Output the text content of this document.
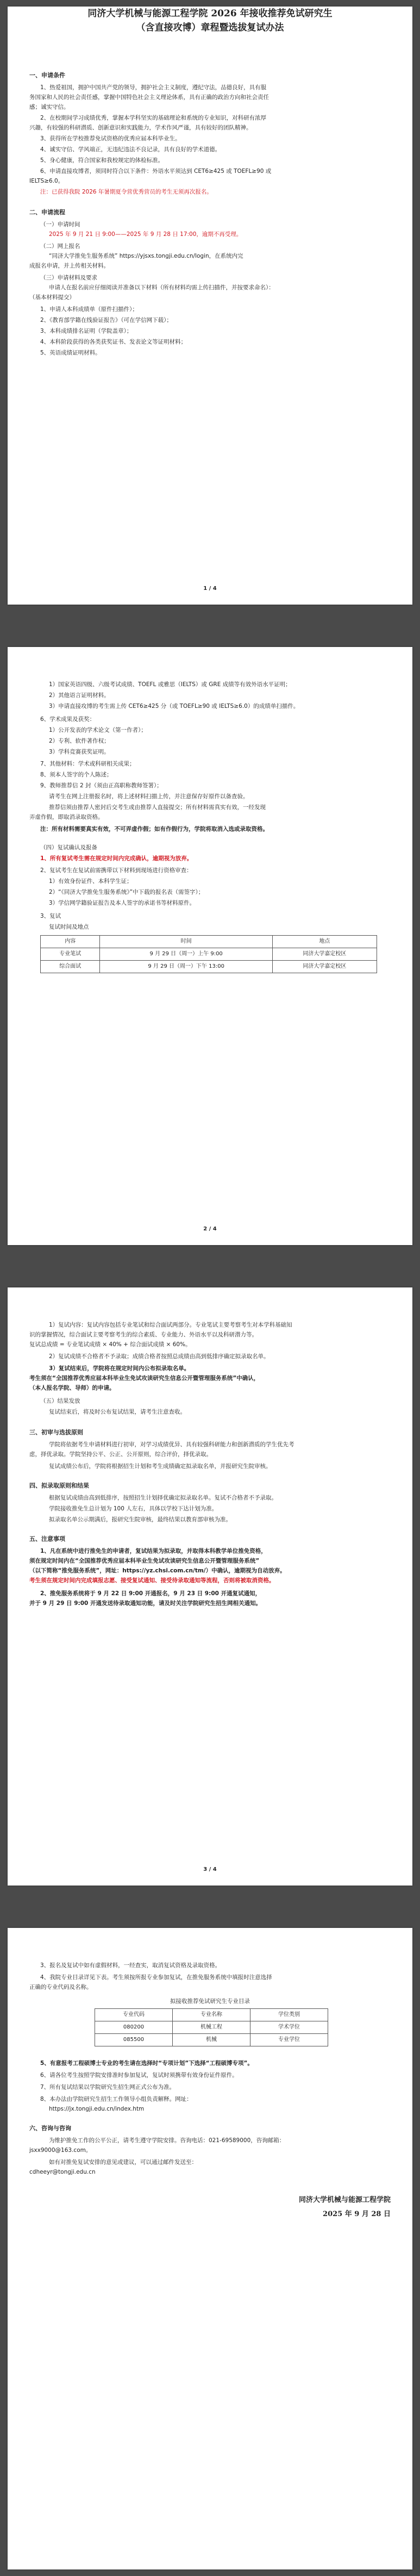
同济大学机械与能源工程学院 2026 年接收推荐免试研究生
（含直接攻博）章程暨选拔复试办法
一、申请条件
1、热爱祖国，拥护中国共产党的领导，拥护社会主义制度，遵纪守法，品德良好，具有服
务国家和人民的社会责任感，掌握中国特色社会主义理论体系，具有正确的政治方向和社会责任
感；诚实守信。
2、在校期间学习成绩优秀，掌握本学科坚实的基础理论和系统的专业知识，对科研有浓厚
兴趣，有较强的科研潜质、创新意识和实践能力，学术作风严谨，具有较好的团队精神。
3、获得所在学校推荐免试资格的优秀应届本科毕业生。
4、诚实守信、学风端正，无违纪违法不良记录，具有良好的学术道德。
5、身心健康，符合国家和我校规定的体检标准。
6、申请直接攻博者，须同时符合以下条件：外语水平须达到 CET6≥425 或 TOEFL≥90 或
IELTS≥6.0。
注：已获得我院 2026 年暑期夏令营优秀营员的考生无须再次报名。
二、申请流程
（一）申请时间
2025 年 9 月 21 日 9:00——2025 年 9 月 28 日 17:00，逾期不再受理。
（二）网上报名
“同济大学推免生服务系统” https://yjsxs.tongji.edu.cn/login，在系统内完
成报名申请，并上传相关材料。
（三）申请材料及要求
申请人在报名前应仔细阅读并准备以下材料（所有材料均需上传扫描件，并按要求命名）：
（基本材料提交）
1、申请人本科成绩单（原件扫描件）；
2、《教育部学籍在线验证报告》（可在学信网下载）；
3、本科成绩排名证明（学院盖章）；
4、本科阶段获得的各类获奖证书、发表论文等证明材料；
5、英语成绩证明材料。
1 / 4
1）国家英语四级、六级考试成绩、TOEFL 或雅思（IELTS）或 GRE 成绩等有效外语水平证明；
2）其他语言证明材料。
3）申请直接攻博的考生需上传 CET6≥425 分（或 TOEFL≥90 或 IELTS≥6.0）的成绩单扫描件。
6、学术成果及获奖：
1）公开发表的学术论文（第一作者）；
2）专利、软件著作权；
3）学科竞赛获奖证明。
7、其他材料：学术或科研相关成果；
8、须本人签字的个人陈述；
9、教师推荐信 2 封（须由正高职称教师签署）；
请考生在网上注册报名时，将上述材料扫描上传，并注意保存好原件以备查验。
推荐信须由推荐人密封后交考生或由推荐人直接提交；所有材料需真实有效，一经发现
弄虚作假，即取消录取资格。
注：所有材料需要真实有效，不可弄虚作假；如有作假行为，学院将取消入选或录取资格。
（四）复试确认及报备
1、所有复试考生需在规定时间内完成确认，逾期视为放弃。
2、复试考生在复试前需携带以下材料到现场进行资格审查：
1）有效身份证件、本科学生证；
2）“《同济大学推免生服务系统》”中下载的报名表（需签字）；
3）学信网学籍验证报告及本人签字的承诺书等材料原件。
3、复试
复试时间及地点
内容	时间	地点
专业笔试	9 月 29 日（周一）上午 9:00	同济大学嘉定校区
综合面试	9 月 29 日（周一）下午 13:00	同济大学嘉定校区
2 / 4
1）复试内容：复试内容包括专业笔试和综合面试两部分。专业笔试主要考察考生对本学科基础知
识的掌握情况，综合面试主要考察考生的综合素质、专业能力、外语水平以及科研潜力等。
复试总成绩 = 专业笔试成绩 × 40% + 综合面试成绩 × 60%。
2）复试成绩不合格者不予录取；成绩合格者按照总成绩由高到低排序确定拟录取名单。
3）复试结束后，学院将在规定时间内公布拟录取名单。
考生须在“全国推荐优秀应届本科毕业生免试攻读研究生信息公开暨管理服务系统”中确认，
（本人报名学院、导师）的申请。
（五）结果发放
复试结束后，将及时公布复试结果，请考生注意查收。
三、初审与选拔原则
学院将依据考生申请材料进行初审，对学习成绩优异、具有较强科研能力和创新潜质的学生优先考
虑，择优录取。学院坚持公平、公正、公开原则，综合评价，择优录取。
复试成绩公布后，学院将根据招生计划和考生成绩确定拟录取名单，并报研究生院审核。
四、拟录取原则和结果
根据复试成绩由高到低排序，按照招生计划择优确定拟录取名单。复试不合格者不予录取。
学院接收推免生总计划为 100 人左右，具体以学校下达计划为准。
拟录取名单公示期满后，报研究生院审核，最终结果以教育部审核为准。
五、注意事项
1、凡在系统中进行推免生的申请者，复试结果为拟录取，并取得本科教学单位推免资格，
须在规定时间内在“全国推荐优秀应届本科毕业生免试攻读研究生信息公开暨管理服务系统”
（以下简称“推免服务系统”，网址：https://yz.chsi.com.cn/tm/）中确认，逾期视为自动放弃。
考生须在规定时间内完成填报志愿、接受复试通知、接受待录取通知等流程，否则将被取消资格。
2、推免服务系统将于 9 月 22 日 9:00 开通报名，9 月 23 日 9:00 开通复试通知，
并于 9 月 29 日 9:00 开通发送待录取通知功能，请及时关注学院研究生招生网相关通知。
3 / 4
3、报名及复试中如有虚假材料，一经查实，取消复试资格及录取资格。
4、我院专业目录详见下表。考生须按所报专业参加复试，在推免服务系统中填报时注意选择
正确的专业代码及名称。
拟接收推荐免试研究生专业目录
专业代码	专业名称	学位类别
080200	机械工程	学术学位
085500	机械	专业学位
5、有意报考工程硕博士专业的考生请在选择时“专项计划”下选择“工程硕博专项”。
6、请各位考生按照学院安排准时参加复试，复试时须携带有效身份证件原件。
7、所有复试结果以学院研究生招生网正式公布为准。
8、本办法由学院研究生招生工作领导小组负责解释。网址：
https://jx.tongji.edu.cn/index.htm
六、咨询与咨询
为维护推免工作的公平公正，请考生遵守学院安排。咨询电话：021-69589000，咨询邮箱：
jsxx9000@163.com。
如有对推免复试安排的意见或建议，可以通过邮件发送至：
cdheeyr@tongji.edu.cn
同济大学机械与能源工程学院
2025 年 9 月 28 日
